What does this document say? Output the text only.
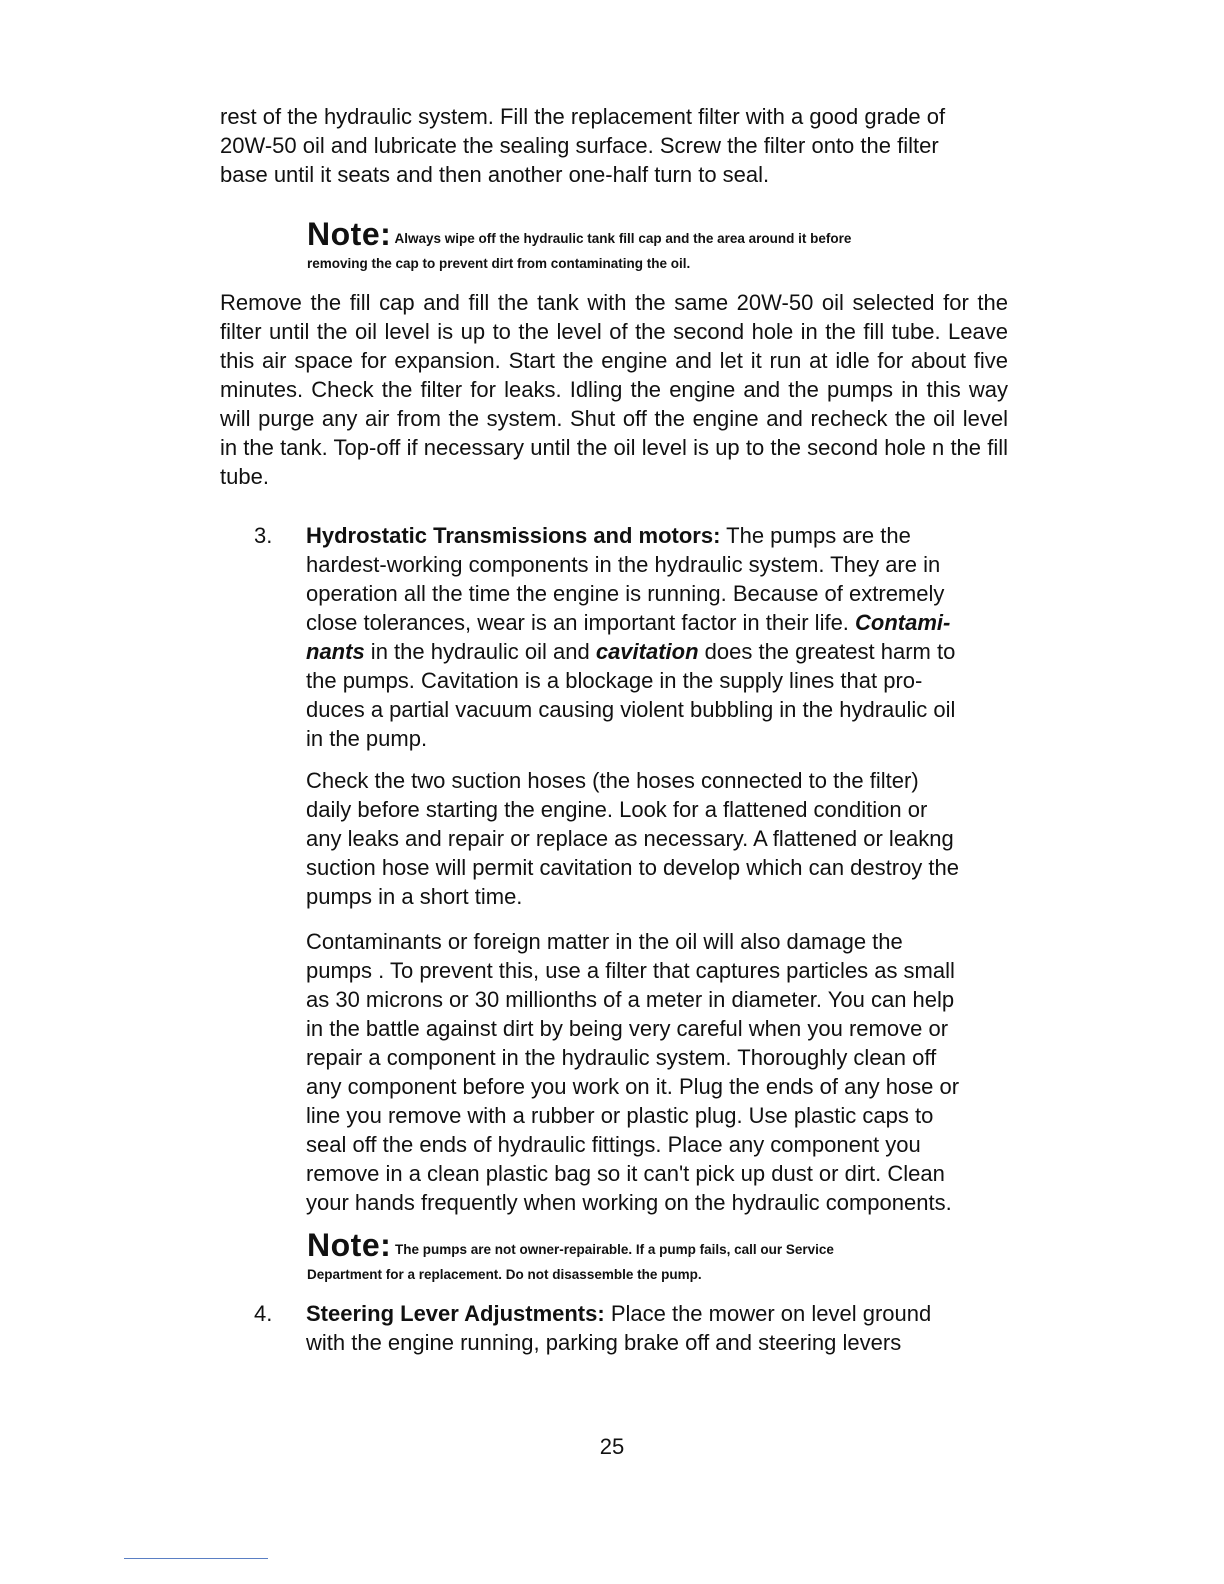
rest of the hydraulic system. Fill the replacement filter with a good grade of
20W-50 oil and lubricate the sealing surface. Screw the filter onto the filter
base until it seats and then another one-half turn to seal.
Note: Always wipe off the hydraulic tank fill cap and the area around it before
removing the cap to prevent dirt from contaminating the oil.
Remove the fill cap and fill the tank with the same 20W-50 oil selected for the filter until the oil level is up to the level of the second hole in the fill tube. Leave this air space for expansion. Start the engine and let it run at idle for about five minutes. Check the filter for leaks. Idling the engine and the pumps in this way will purge any air from the system. Shut off the engine and recheck the oil level in the tank. Top-off if necessary until the oil level is up to the second hole n the fill tube.
3. Hydrostatic Transmissions and motors: The pumps are the
hardest-working components in the hydraulic system. They are in
operation all the time the engine is running. Because of extremely
close tolerances, wear is an important factor in their life. Contami-
nants in the hydraulic oil and cavitation does the greatest harm to
the pumps. Cavitation is a blockage in the supply lines that pro-
duces a partial vacuum causing violent bubbling in the hydraulic oil
in the pump.
Check the two suction hoses (the hoses connected to the filter)
daily before starting the engine. Look for a flattened condition or
any leaks and repair or replace as necessary. A flattened or leakng
suction hose will permit cavitation to develop which can destroy the
pumps in a short time.
Contaminants or foreign matter in the oil will also damage the
pumps . To prevent this, use a filter that captures particles as small
as 30 microns or 30 millionths of a meter in diameter. You can help
in the battle against dirt by being very careful when you remove or
repair a component in the hydraulic system. Thoroughly clean off
any component before you work on it. Plug the ends of any hose or
line you remove with a rubber or plastic plug. Use plastic caps to
seal off the ends of hydraulic fittings. Place any component you
remove in a clean plastic bag so it can't pick up dust or dirt. Clean
your hands frequently when working on the hydraulic components.
Note: The pumps are not owner-repairable. If a pump fails, call our Service
Department for a replacement. Do not disassemble the pump.
4. Steering Lever Adjustments: Place the mower on level ground
with the engine running, parking brake off and steering levers
25
